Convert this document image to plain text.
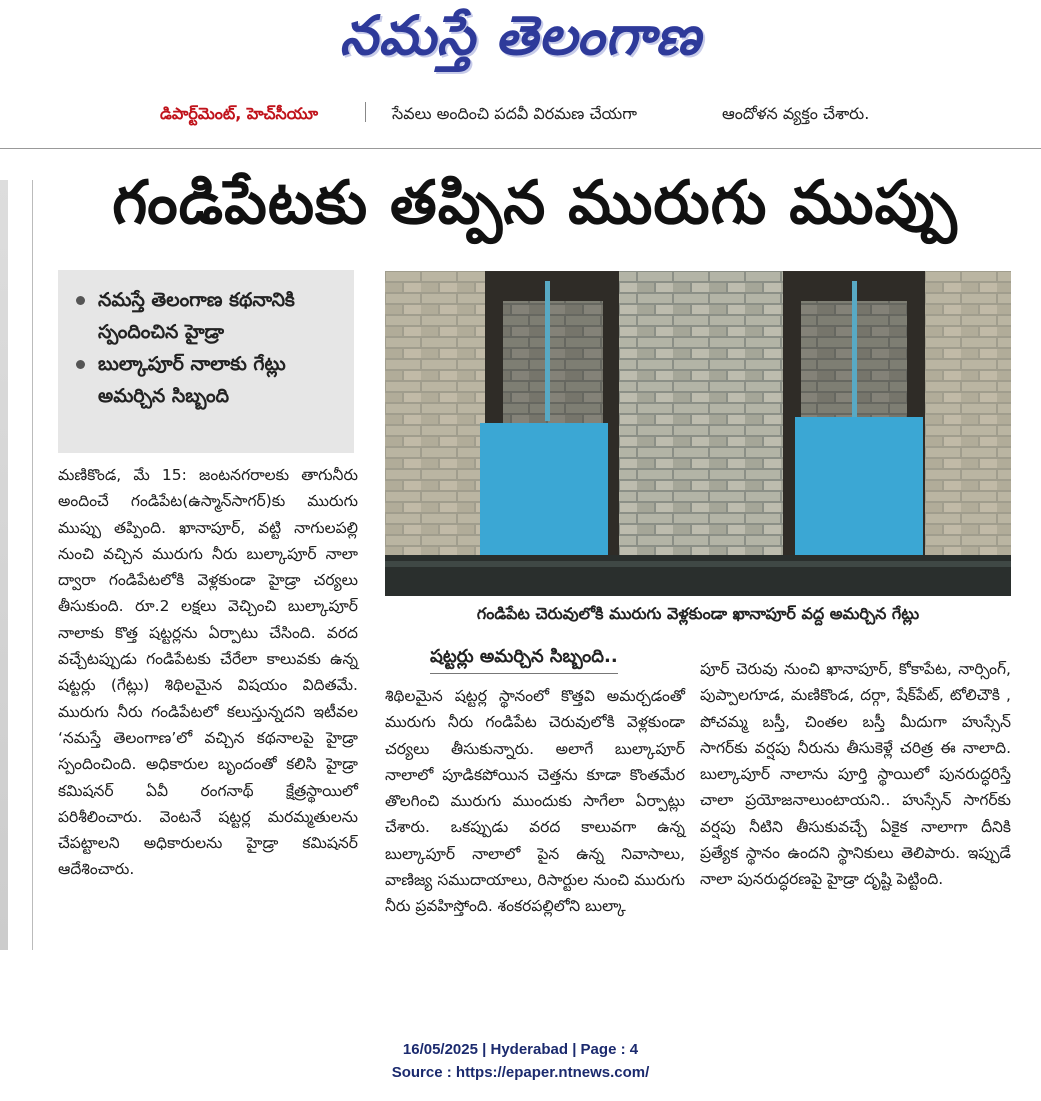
నమస్తే తెలంగాణ
డిపార్ట్‌మెంట్, హెచ్‌సీయూ	సేవలు అందించి పదవీ విరమణ చేయగా	ఆందోళన వ్యక్తం చేశారు.
గండిపేటకు తప్పిన మురుగు ముప్పు
నమస్తే తెలంగాణ కథనానికి స్పందించిన హైడ్రా
బుల్కాపూర్ నాలాకు గేట్లు అమర్చిన సిబ్బంది
గండిపేట చెరువులోకి మురుగు వెళ్లకుండా ఖానాపూర్ వద్ద అమర్చిన గేట్లు
మణికొండ, మే 15: జంటనగరాలకు తాగునీరు అందించే గండిపేట(ఉస్మాన్‌సాగర్)కు మురుగు ముప్పు తప్పింది. ఖానాపూర్, వట్టి నాగులపల్లి నుంచి వచ్చిన మురుగు నీరు బుల్కాపూర్ నాలా ద్వారా గండిపేటలోకి వెళ్లకుండా హైడ్రా చర్యలు తీసుకుంది. రూ.2 లక్షలు వెచ్చించి బుల్కాపూర్ నాలాకు కొత్త షట్టర్లను ఏర్పాటు చేసింది. వరద వచ్చేటప్పుడు గండిపేటకు చేరేలా కాలువకు ఉన్న షట్టర్లు (గేట్లు) శిథిలమైన విషయం విదితమే. మురుగు నీరు గండిపేటలో కలుస్తున్నదని ఇటీవల ‘నమస్తే తెలంగాణ’లో వచ్చిన కథనాలపై హైడ్రా స్పందించింది. అధికారుల బృందంతో కలిసి హైడ్రా కమిషనర్ ఏవీ రంగనాథ్ క్షేత్రస్థాయిలో పరిశీలించారు. వెంటనే షట్టర్ల మరమ్మతులను చేపట్టాలని అధికారులను హైడ్రా కమిషనర్ ఆదేశించారు.
షట్టర్లు అమర్చిన సిబ్బంది..
శిథిలమైన షట్టర్ల స్థానంలో కొత్తవి అమర్చడంతో మురుగు నీరు గండిపేట చెరువులోకి వెళ్లకుండా చర్యలు తీసుకున్నారు. అలాగే బుల్కాపూర్ నాలాలో పూడికపోయిన చెత్తను కూడా కొంతమేర తొలగించి మురుగు ముందుకు సాగేలా ఏర్పాట్లు చేశారు. ఒకప్పుడు వరద కాలువగా ఉన్న బుల్కాపూర్ నాలాలో పైన ఉన్న నివాసాలు, వాణిజ్య సముదాయాలు, రిసార్టుల నుంచి మురుగు నీరు ప్రవహిస్తోంది. శంకరపల్లిలోని బుల్కా
పూర్ చెరువు నుంచి ఖానాపూర్, కోకాపేట, నార్సింగ్, పుప్పాలగూడ, మణికొండ, దర్గా, షేక్‌పేట్, టోలిచౌకి , పోచమ్మ బస్తీ, చింతల బస్తీ మీదుగా హుస్సేన్ సాగర్‌కు వర్షపు నీరును తీసుకెళ్లే చరిత్ర ఈ నాలాది. బుల్కాపూర్ నాలాను పూర్తి స్థాయిలో పునరుద్ధరిస్తే చాలా ప్రయోజనాలుంటాయని.. హుస్సేన్ సాగర్‌కు వర్షపు నీటిని తీసుకువచ్చే ఏకైక నాలాగా దీనికి ప్రత్యేక స్థానం ఉందని స్థానికులు తెలిపారు. ఇప్పుడే నాలా పునరుద్ధరణపై హైడ్రా దృష్టి పెట్టింది.
16/05/2025 | Hyderabad | Page : 4
Source : https://epaper.ntnews.com/
